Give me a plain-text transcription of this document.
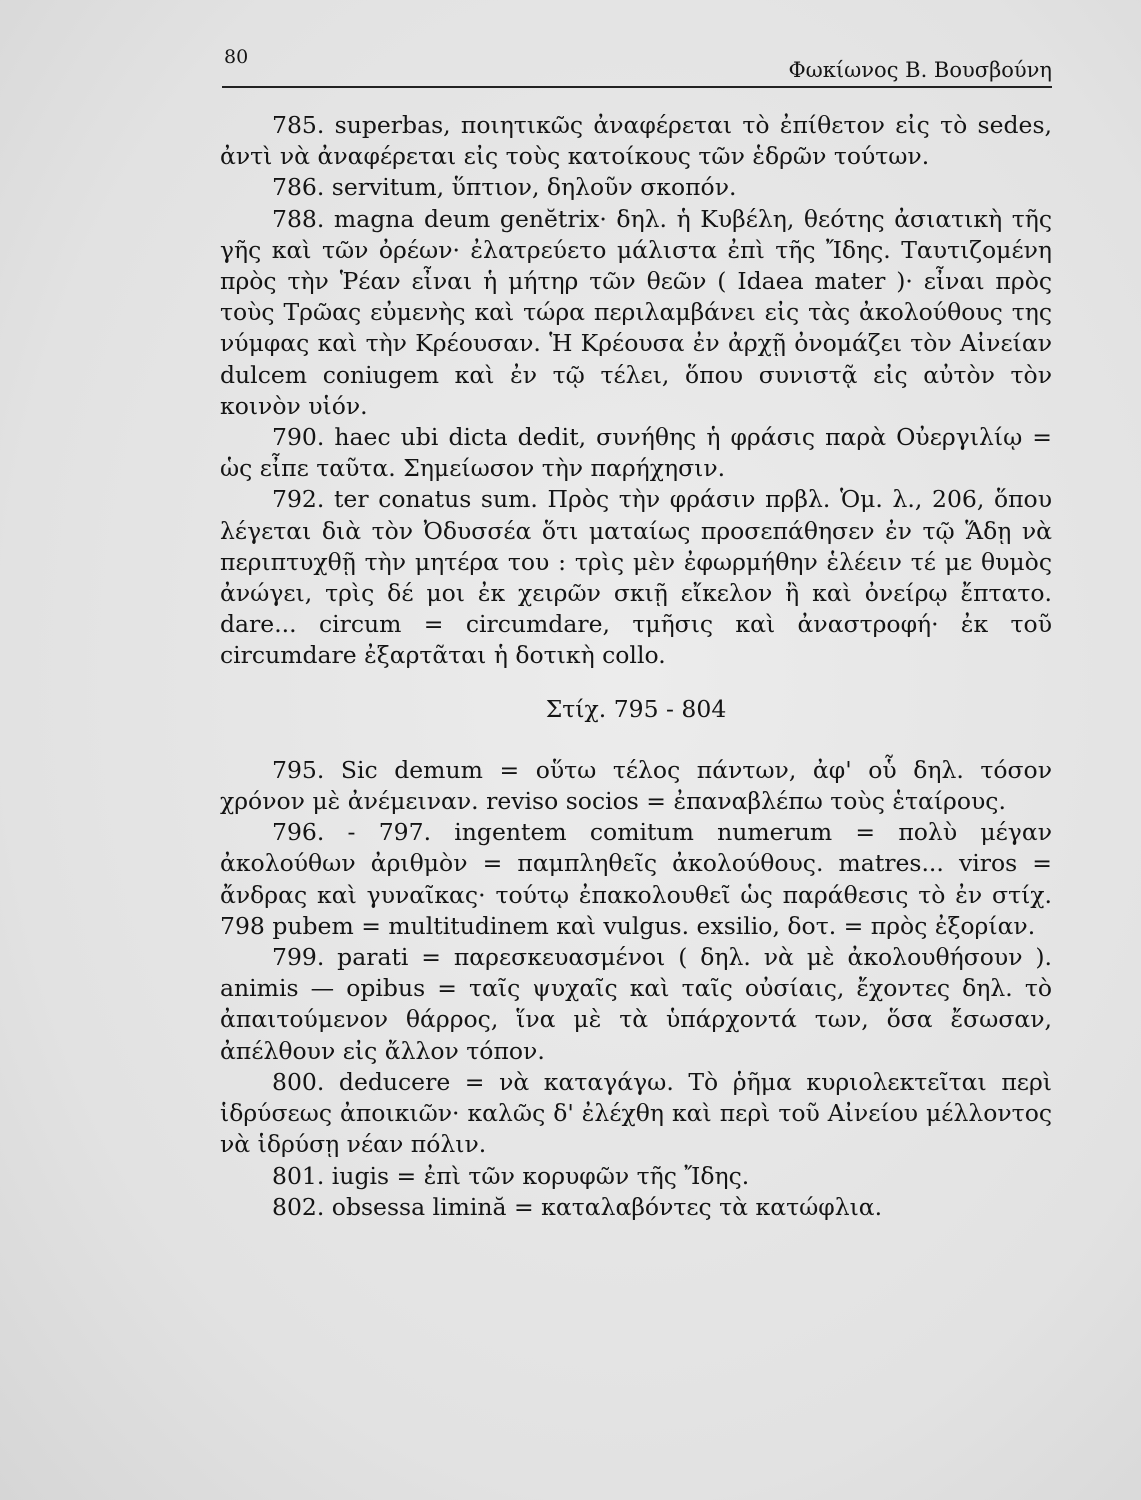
80
Φωκίωνος Β. Βουσβούνη

785. superbas, ποιητικῶς ἀναφέρεται τὸ ἐπίθετον εἰς τὸ sedes, ἀντὶ νὰ ἀναφέρεται εἰς τοὺς κατοίκους τῶν ἑδρῶν τούτων.

786. servitum, ὕπτιον, δηλοῦν σκοπόν.

788. magna deum genĕtrix· δηλ. ἡ Κυβέλη, θεότης ἀσιατικὴ τῆς γῆς καὶ τῶν ὀρέων· ἐλατρεύετο μάλιστα ἐπὶ τῆς Ἴδης. Ταυτιζομένη πρὸς τὴν Ῥέαν εἶναι ἡ μήτηρ τῶν θεῶν ( Idaea mater )· εἶναι πρὸς τοὺς Τρῶας εὐμενὴς καὶ τώρα περιλαμβάνει εἰς τὰς ἀκολούθους της νύμφας καὶ τὴν Κρέουσαν. Ἡ Κρέουσα ἐν ἀρχῇ ὀνομάζει τὸν Αἰνείαν dulcem coniugem καὶ ἐν τῷ τέλει, ὅπου συνιστᾷ εἰς αὐτὸν τὸν κοινὸν υἱόν.

790. haec ubi dicta dedit, συνήθης ἡ φράσις παρὰ Οὐεργιλίῳ = ὡς εἶπε ταῦτα. Σημείωσον τὴν παρήχησιν.

792. ter conatus sum. Πρὸς τὴν φράσιν πρβλ. Ὁμ. λ., 206, ὅπου λέγεται διὰ τὸν Ὀδυσσέα ὅτι ματαίως προσεπάθησεν ἐν τῷ Ἅδῃ νὰ περιπτυχθῇ τὴν μητέρα του : τρὶς μὲν ἐφωρμήθην ἑλέειν τέ με θυμὸς ἀνώγει, τρὶς δέ μοι ἐκ χειρῶν σκιῇ εἴκελον ἢ καὶ ὀνείρῳ ἔπτατο. dare... circum = circumdare, τμῆσις καὶ ἀναστροφή· ἐκ τοῦ circumdare ἐξαρτᾶται ἡ δοτικὴ collo.

Στίχ. 795 - 804

795. Sic demum = οὕτω τέλος πάντων, ἀφ' οὗ δηλ. τόσον χρόνον μὲ ἀνέμειναν. reviso socios = ἐπαναβλέπω τοὺς ἑταίρους.

796. - 797. ingentem comitum numerum = πολὺ μέγαν ἀκολούθων ἀριθμὸν = παμπληθεῖς ἀκολούθους. matres... viros = ἄνδρας καὶ γυναῖκας· τούτῳ ἐπακολουθεῖ ὡς παράθεσις τὸ ἐν στίχ. 798 pubem = multitudinem καὶ vulgus. exsilio, δοτ. = πρὸς ἐξορίαν.

799. parati = παρεσκευασμένοι ( δηλ. νὰ μὲ ἀκολουθήσουν ). animis — opibus = ταῖς ψυχαῖς καὶ ταῖς οὐσίαις, ἔχοντες δηλ. τὸ ἀπαιτούμενον θάρρος, ἵνα μὲ τὰ ὑπάρχοντά των, ὅσα ἔσωσαν, ἀπέλθουν εἰς ἄλλον τόπον.

800. deducere = νὰ καταγάγω. Τὸ ῥῆμα κυριολεκτεῖται περὶ ἱδρύσεως ἀποικιῶν· καλῶς δ' ἐλέχθη καὶ περὶ τοῦ Αἰνείου μέλλοντος νὰ ἱδρύσῃ νέαν πόλιν.

801. iugis = ἐπὶ τῶν κορυφῶν τῆς Ἴδης.

802. obsessa limină = καταλαβόντες τὰ κατώφλια.
